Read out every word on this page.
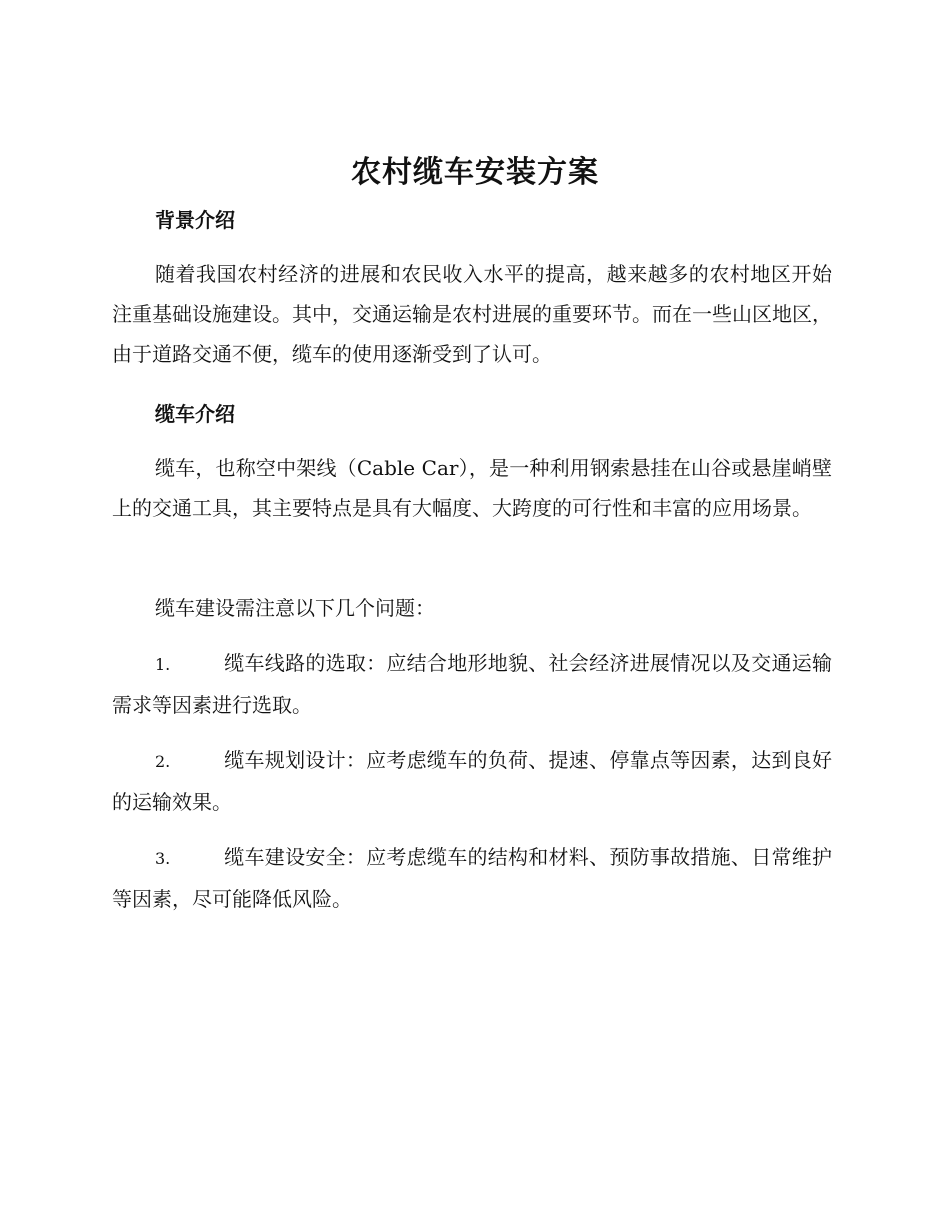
农村缆车安装方案
背景介绍

随着我国农村经济的进展和农民收入水平的提高，越来越多的农村地区开始注重基础设施建设。其中，交通运输是农村进展的重要环节。而在一些山区地区，由于道路交通不便，缆车的使用逐渐受到了认可。

缆车介绍

缆车，也称空中架线（Cable Car），是一种利用钢索悬挂在山谷或悬崖峭壁上的交通工具，其主要特点是具有大幅度、大跨度的可行性和丰富的应用场景。

缆车建设需注意以下几个问题：

1.	缆车线路的选取：应结合地形地貌、社会经济进展情况以及交通运输需求等因素进行选取。

2.	缆车规划设计：应考虑缆车的负荷、提速、停靠点等因素，达到良好的运输效果。

3.	缆车建设安全：应考虑缆车的结构和材料、预防事故措施、日常维护等因素，尽可能降低风险。
